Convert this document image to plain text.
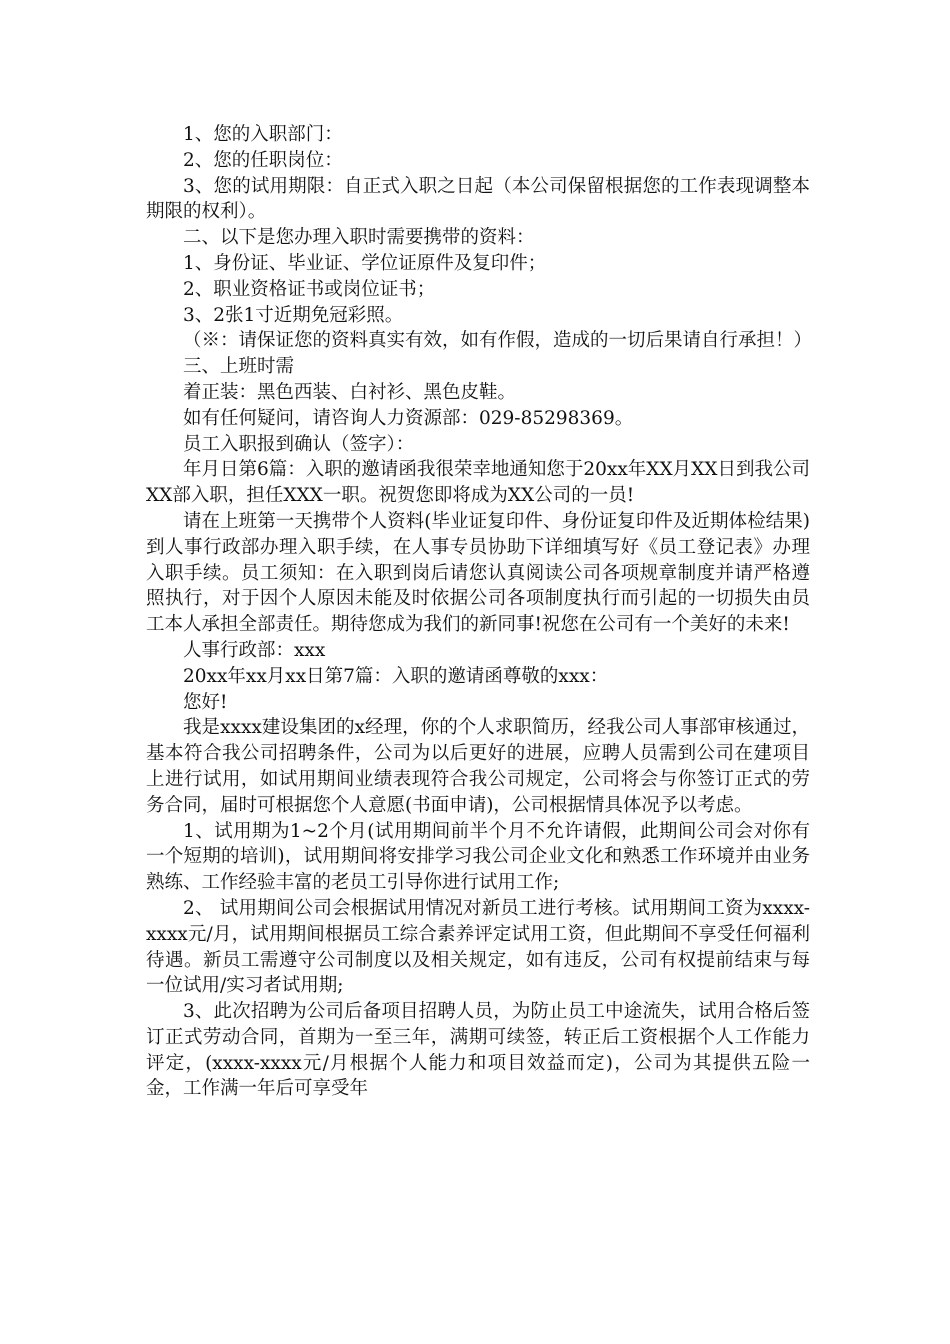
1、您的入职部门：

2、您的任职岗位：

3、您的试用期限：自正式入职之日起（本公司保留根据您的工作表现调整本期限的权利）。

二、以下是您办理入职时需要携带的资料：

1、身份证、毕业证、学位证原件及复印件；

2、职业资格证书或岗位证书；

3、2张1寸近期免冠彩照。

（※：请保证您的资料真实有效，如有作假，造成的一切后果请自行承担！）

三、上班时需

着正装：黑色西装、白衬衫、黑色皮鞋。

如有任何疑问，请咨询人力资源部：029-85298369。

员工入职报到确认（签字）：

年月日第6篇：入职的邀请函我很荣幸地通知您于20xx年XX月XX日到我公司XX部入职，担任XXX一职。祝贺您即将成为XX公司的一员!

请在上班第一天携带个人资料(毕业证复印件、身份证复印件及近期体检结果)到人事行政部办理入职手续，在人事专员协助下详细填写好《员工登记表》办理入职手续。员工须知：在入职到岗后请您认真阅读公司各项规章制度并请严格遵照执行，对于因个人原因未能及时依据公司各项制度执行而引起的一切损失由员工本人承担全部责任。期待您成为我们的新同事!祝您在公司有一个美好的未来!

人事行政部：xxx

20xx年xx月xx日第7篇：入职的邀请函尊敬的xxx：

您好!

我是xxxx建设集团的x经理，你的个人求职简历，经我公司人事部审核通过，基本符合我公司招聘条件，公司为以后更好的进展，应聘人员需到公司在建项目上进行试用，如试用期间业绩表现符合我公司规定，公司将会与你签订正式的劳务合同，届时可根据您个人意愿(书面申请)，公司根据情具体况予以考虑。

1、试用期为1~2个月(试用期间前半个月不允许请假，此期间公司会对你有一个短期的培训)，试用期间将安排学习我公司企业文化和熟悉工作环境并由业务熟练、工作经验丰富的老员工引导你进行试用工作;

2、 试用期间公司会根据试用情况对新员工进行考核。试用期间工资为xxxx-xxxx元/月，试用期间根据员工综合素养评定试用工资，但此期间不享受任何福利待遇。新员工需遵守公司制度以及相关规定，如有违反，公司有权提前结束与每一位试用/实习者试用期;

3、此次招聘为公司后备项目招聘人员，为防止员工中途流失，试用合格后签订正式劳动合同，首期为一至三年，满期可续签，转正后工资根据个人工作能力评定，(xxxx-xxxx元/月根据个人能力和项目效益而定)，公司为其提供五险一金，工作满一年后可享受年
